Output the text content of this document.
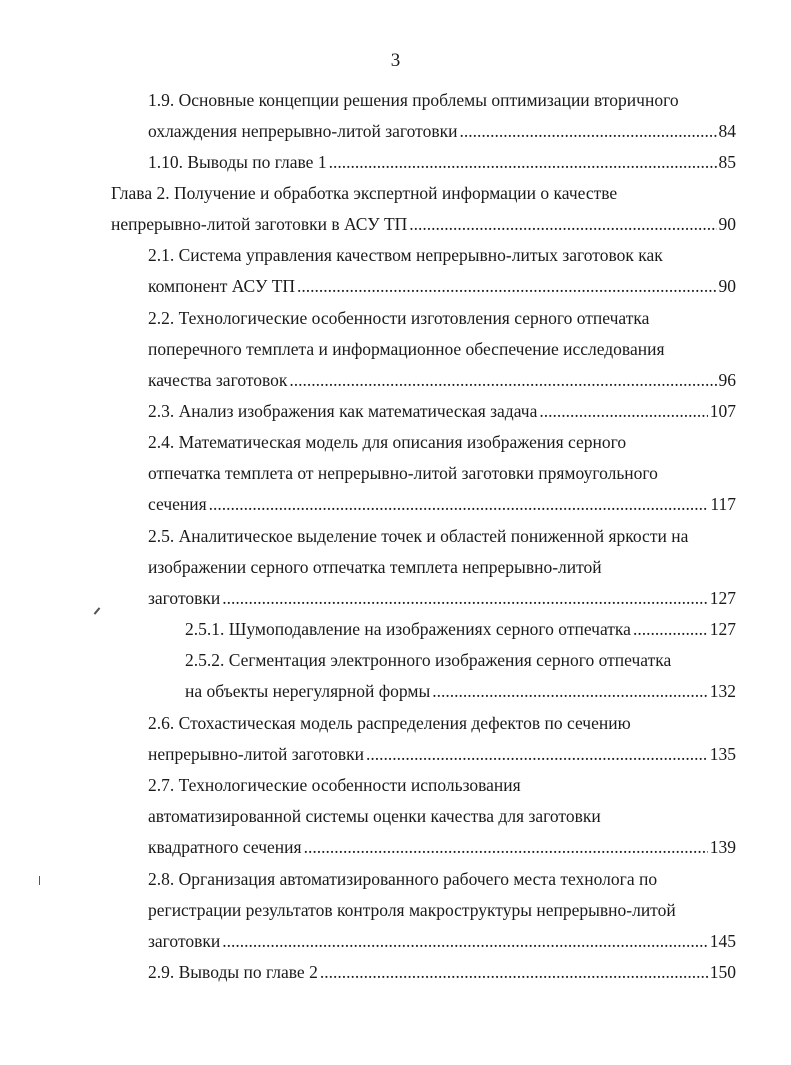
3
1.9. Основные концепции решения проблемы оптимизации вторичного
охлаждения непрерывно-литой заготовки .....	84
1.10. Выводы по главе 1 .....	85
Глава 2. Получение и обработка экспертной информации о качестве
непрерывно-литой заготовки в АСУ ТП .....	90
2.1. Система управления качеством непрерывно-литых заготовок как
компонент АСУ ТП .....	90
2.2. Технологические особенности изготовления серного отпечатка
поперечного темплета и информационное обеспечение исследования
качества заготовок .....	96
2.3. Анализ изображения как математическая задача .....	107
2.4. Математическая модель для описания изображения серного
отпечатка темплета от непрерывно-литой заготовки прямоугольного
сечения .....	117
2.5. Аналитическое выделение точек и областей пониженной яркости на
изображении серного отпечатка темплета непрерывно-литой
заготовки .....	127
2.5.1. Шумоподавление на изображениях серного отпечатка .....	127
2.5.2. Сегментация электронного изображения серного отпечатка
на объекты нерегулярной формы .....	132
2.6. Стохастическая модель распределения дефектов по сечению
непрерывно-литой заготовки .....	135
2.7. Технологические особенности использования
автоматизированной системы оценки качества для заготовки
квадратного сечения .....	139
2.8. Организация автоматизированного рабочего места технолога по
регистрации результатов контроля макроструктуры непрерывно-литой
заготовки .....	145
2.9. Выводы по главе 2 .....	150
